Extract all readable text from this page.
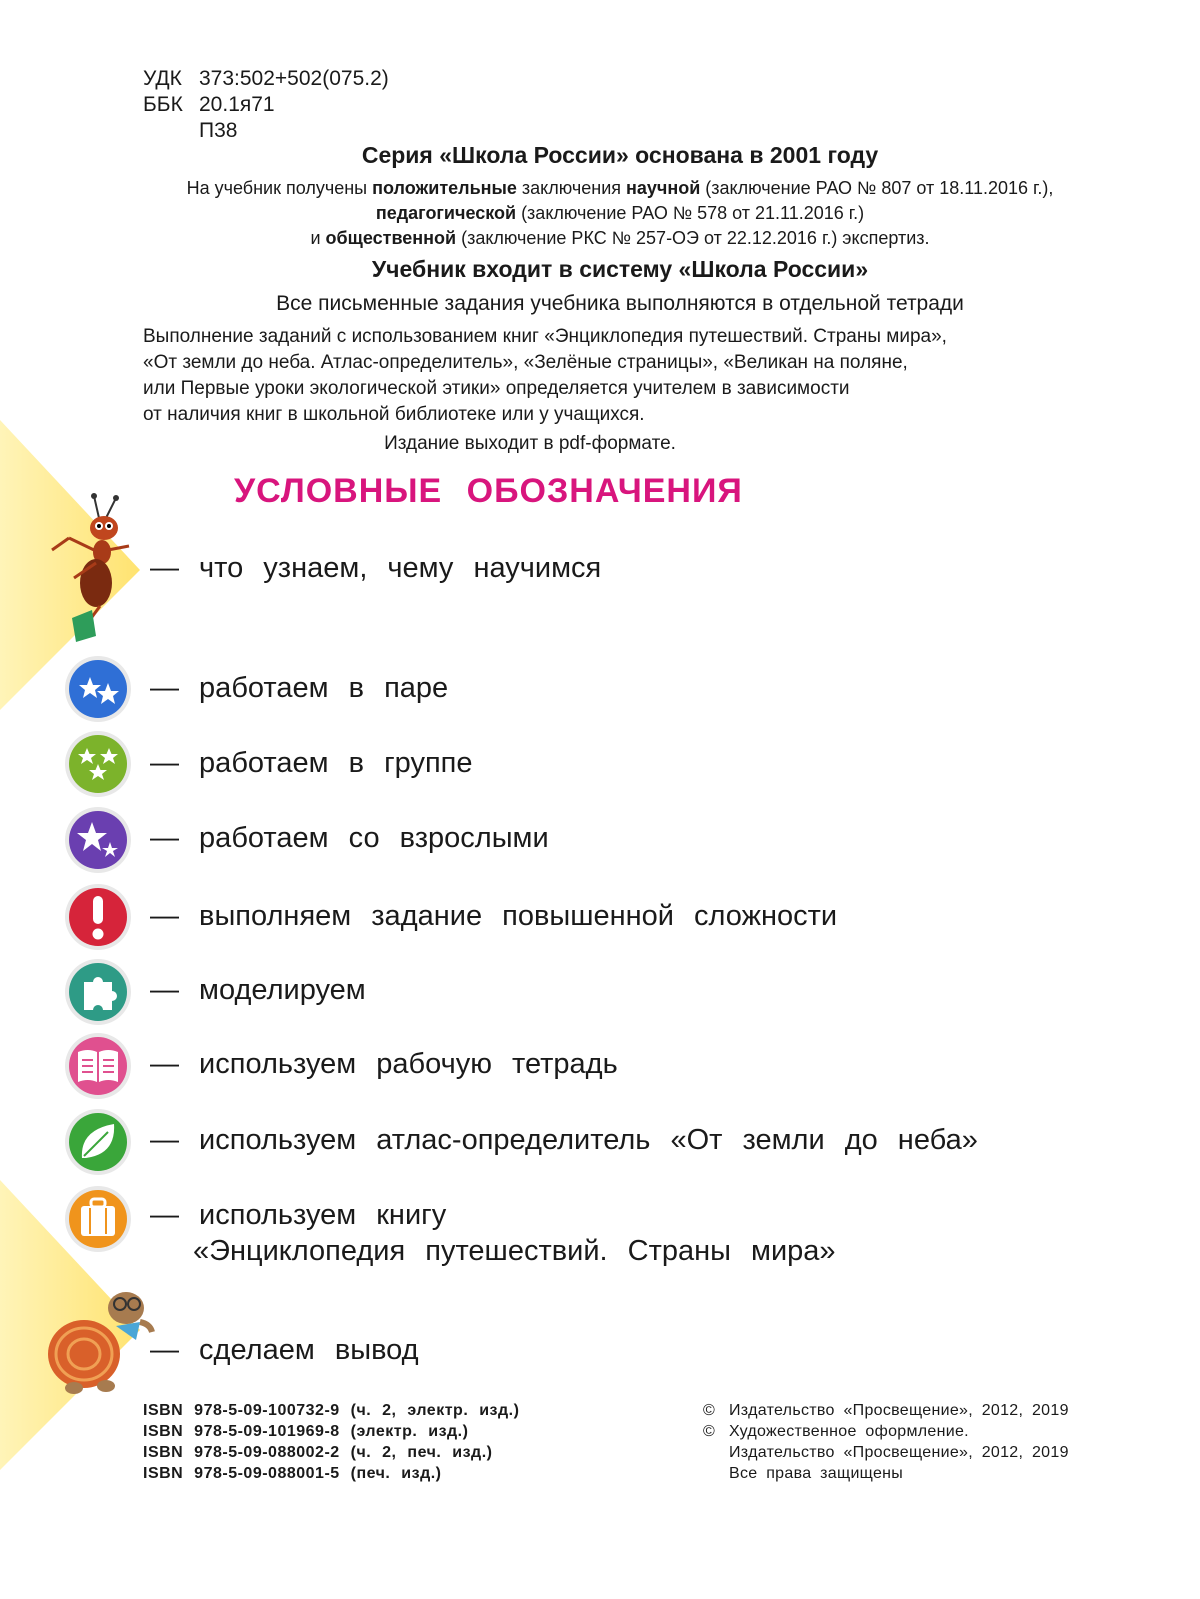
УДК 373:502+502(075.2)
ББК 20.1я71
П38
Серия «Школа России» основана в 2001 году
На учебник получены положительные заключения научной (заключение РАО № 807 от 18.11.2016 г.),
педагогической (заключение РАО № 578 от 21.11.2016 г.)
и общественной (заключение РКС № 257-ОЭ от 22.12.2016 г.) экспертиз.
Учебник входит в систему «Школа России»
Все письменные задания учебника выполняются в отдельной тетради
Выполнение заданий с использованием книг «Энциклопедия путешествий. Страны мира»,
«От земли до неба. Атлас-определитель», «Зелёные страницы», «Великан на поляне,
или Первые уроки экологической этики» определяется учителем в зависимости
от наличия книг в школьной библиотеке или у учащихся.
Издание выходит в pdf-формате.
УСЛОВНЫЕ ОБОЗНАЧЕНИЯ
— что узнаем, чему научимся
— работаем в паре
— работаем в группе
— работаем со взрослыми
— выполняем задание повышенной сложности
— моделируем
— используем рабочую тетрадь
— используем атлас-определитель «От земли до неба»
— используем книгу
«Энциклопедия путешествий. Страны мира»
— сделаем вывод
ISBN 978-5-09-100732-9 (ч. 2, электр. изд.)
ISBN 978-5-09-101969-8 (электр. изд.)
ISBN 978-5-09-088002-2 (ч. 2, печ. изд.)
ISBN 978-5-09-088001-5 (печ. изд.)
© Издательство «Просвещение», 2012, 2019
© Художественное оформление.
Издательство «Просвещение», 2012, 2019
Все права защищены
